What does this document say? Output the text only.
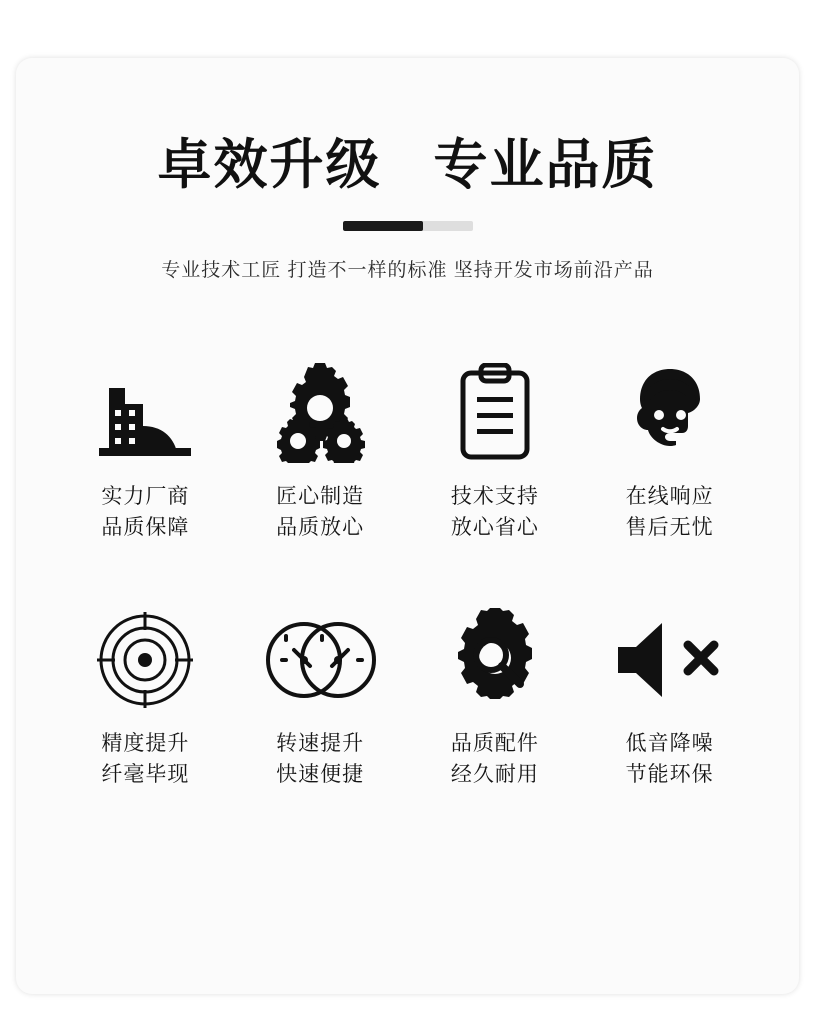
卓效升级 专业品质
专业技术工匠 打造不一样的标准 坚持开发市场前沿产品
实力厂商
品质保障
匠心制造
品质放心
技术支持
放心省心
在线响应
售后无忧
精度提升
纤毫毕现
转速提升
快速便捷
品质配件
经久耐用
低音降噪
节能环保
